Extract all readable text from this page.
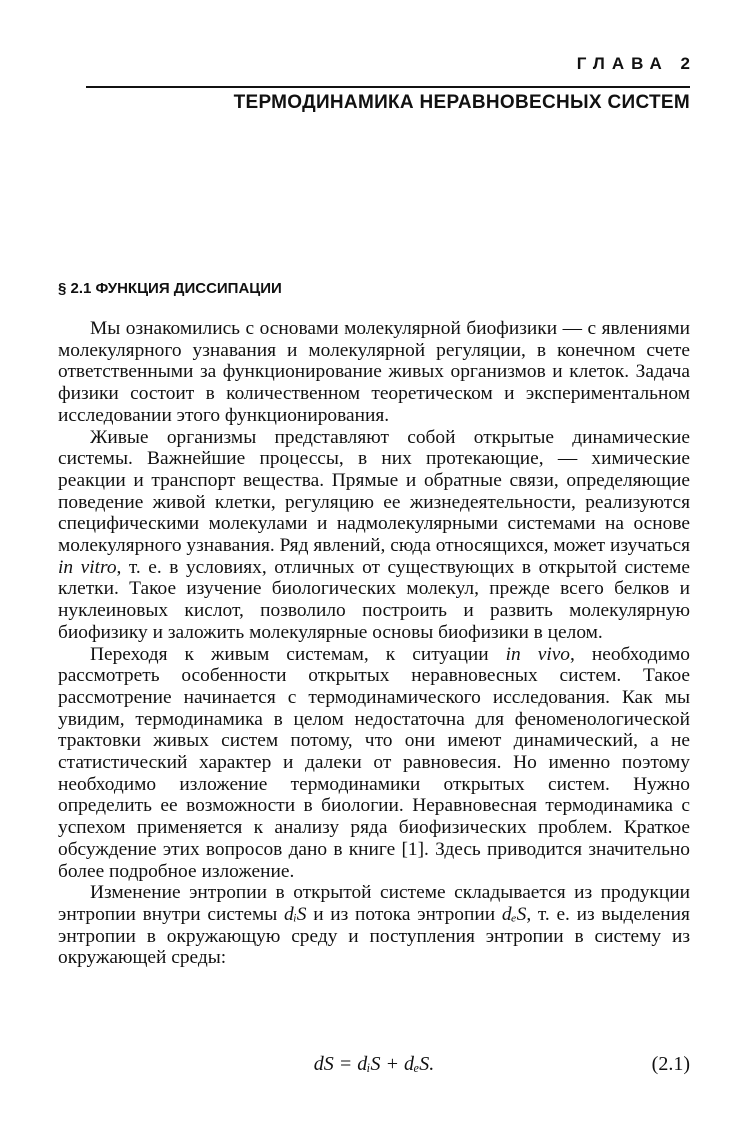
ГЛАВА 2
ТЕРМОДИНАМИКА НЕРАВНОВЕСНЫХ СИСТЕМ
§ 2.1 ФУНКЦИЯ ДИССИПАЦИИ

Мы ознакомились с основами молекулярной биофизики — с явлениями молекулярного узнавания и молекулярной регуляции, в конечном счете ответственными за функционирование живых организмов и клеток. Задача физики состоит в количественном теоретическом и экспериментальном исследовании этого функционирования.

Живые организмы представляют собой открытые динамические системы. Важнейшие процессы, в них протекающие, — химические реакции и транспорт вещества. Прямые и обратные связи, определяющие поведение живой клетки, регуляцию ее жизнедеятельности, реализуются специфическими молекулами и надмолекулярными системами на основе молекулярного узнавания. Ряд явлений, сюда относящихся, может изучаться in vitro, т. е. в условиях, отличных от существующих в открытой системе клетки. Такое изучение биологических молекул, прежде всего белков и нуклеиновых кислот, позволило построить и развить молекулярную биофизику и заложить молекулярные основы биофизики в целом.

Переходя к живым системам, к ситуации in vivo, необходимо рассмотреть особенности открытых неравновесных систем. Такое рассмотрение начинается с термодинамического исследования. Как мы увидим, термодинамика в целом недостаточна для феноменологической трактовки живых систем потому, что они имеют динамический, а не статистический характер и далеки от равновесия. Но именно поэтому необходимо изложение термодинамики открытых систем. Нужно определить ее возможности в биологии. Неравновесная термодинамика с успехом применяется к анализу ряда биофизических проблем. Краткое обсуждение этих вопросов дано в книге [1]. Здесь приводится значительно более подробное изложение.

Изменение энтропии в открытой системе складывается из продукции энтропии внутри системы dᵢS и из потока энтропии dₑS, т. е. из выделения энтропии в окружающую среду и поступления энтропии в систему из окружающей среды:

dS = dᵢS + dₑS.	(2.1)
